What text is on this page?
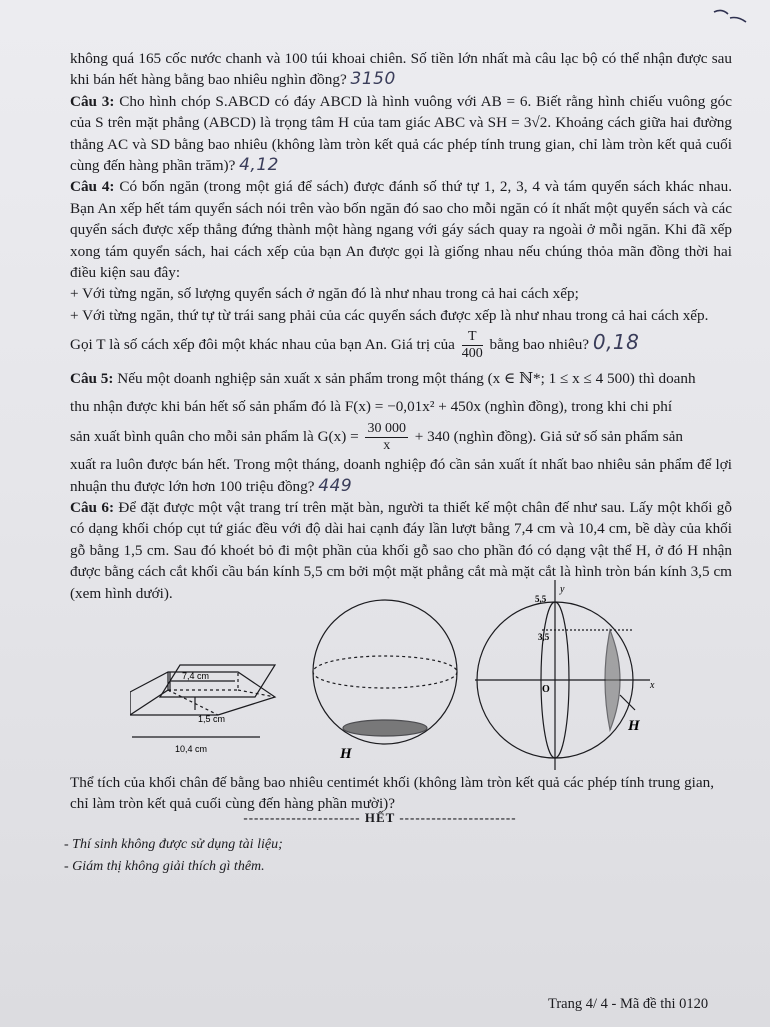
không quá 165 cốc nước chanh và 100 túi khoai chiên. Số tiền lớn nhất mà câu lạc bộ có thể nhận được sau khi bán hết hàng bằng bao nhiêu nghìn đồng? 3150

Câu 3: Cho hình chóp S.ABCD có đáy ABCD là hình vuông với AB = 6. Biết rằng hình chiếu vuông góc của S trên mặt phẳng (ABCD) là trọng tâm H của tam giác ABC và SH = 3√2. Khoảng cách giữa hai đường thẳng AC và SD bằng bao nhiêu (không làm tròn kết quả các phép tính trung gian, chỉ làm tròn kết quả cuối cùng đến hàng phần trăm)? 4,12

Câu 4: Có bốn ngăn (trong một giá để sách) được đánh số thứ tự 1, 2, 3, 4 và tám quyển sách khác nhau. Bạn An xếp hết tám quyển sách nói trên vào bốn ngăn đó sao cho mỗi ngăn có ít nhất một quyển sách và các quyển sách được xếp thẳng đứng thành một hàng ngang với gáy sách quay ra ngoài ở mỗi ngăn. Khi đã xếp xong tám quyển sách, hai cách xếp của bạn An được gọi là giống nhau nếu chúng thỏa mãn đồng thời hai điều kiện sau đây:

+ Với từng ngăn, số lượng quyển sách ở ngăn đó là như nhau trong cả hai cách xếp;

+ Với từng ngăn, thứ tự từ trái sang phải của các quyển sách được xếp là như nhau trong cả hai cách xếp.

Gọi T là số cách xếp đôi một khác nhau của bạn An. Giá trị của $\frac{T}{400}$ bằng bao nhiêu? 0,18

Câu 5: Nếu một doanh nghiệp sản xuất x sản phẩm trong một tháng (x ∈ ℕ*; 1 ≤ x ≤ 4 500) thì doanh

thu nhận được khi bán hết số sản phẩm đó là F(x) = −0,01x² + 450x (nghìn đồng), trong khi chi phí

sản xuất bình quân cho mỗi sản phẩm là $G(x) = \frac{30 000}{x} + 340$ (nghìn đồng). Giả sử số sản phẩm sản

xuất ra luôn được bán hết. Trong một tháng, doanh nghiệp đó cần sản xuất ít nhất bao nhiêu sản phẩm để lợi nhuận thu được lớn hơn 100 triệu đồng? 449

Câu 6: Để đặt được một vật trang trí trên mặt bàn, người ta thiết kế một chân đế như sau. Lấy một khối gỗ có dạng khối chóp cụt tứ giác đều với độ dài hai cạnh đáy lần lượt bằng 7,4 cm và 10,4 cm, bề dày của khối gỗ bằng 1,5 cm. Sau đó khoét bỏ đi một phần của khối gỗ sao cho phần đó có dạng vật thể H, ở đó H nhận được bằng cách cắt khối cầu bán kính 5,5 cm bởi một mặt phẳng cắt mà mặt cắt là hình tròn bán kính 3,5 cm (xem hình dưới).

7,4 cm
1,5 cm
10,4 cm	H
y
x
5,5
3,5
O
H
Thể tích của khối chân đế bằng bao nhiêu centimét khối (không làm tròn kết quả các phép tính trung gian, chỉ làm tròn kết quả cuối cùng đến hàng phần mười)?
---------------------- HẾT ----------------------
- Thí sinh không được sử dụng tài liệu;
- Giám thị không giải thích gì thêm.
Trang 4/ 4 - Mã đề thi 0120
